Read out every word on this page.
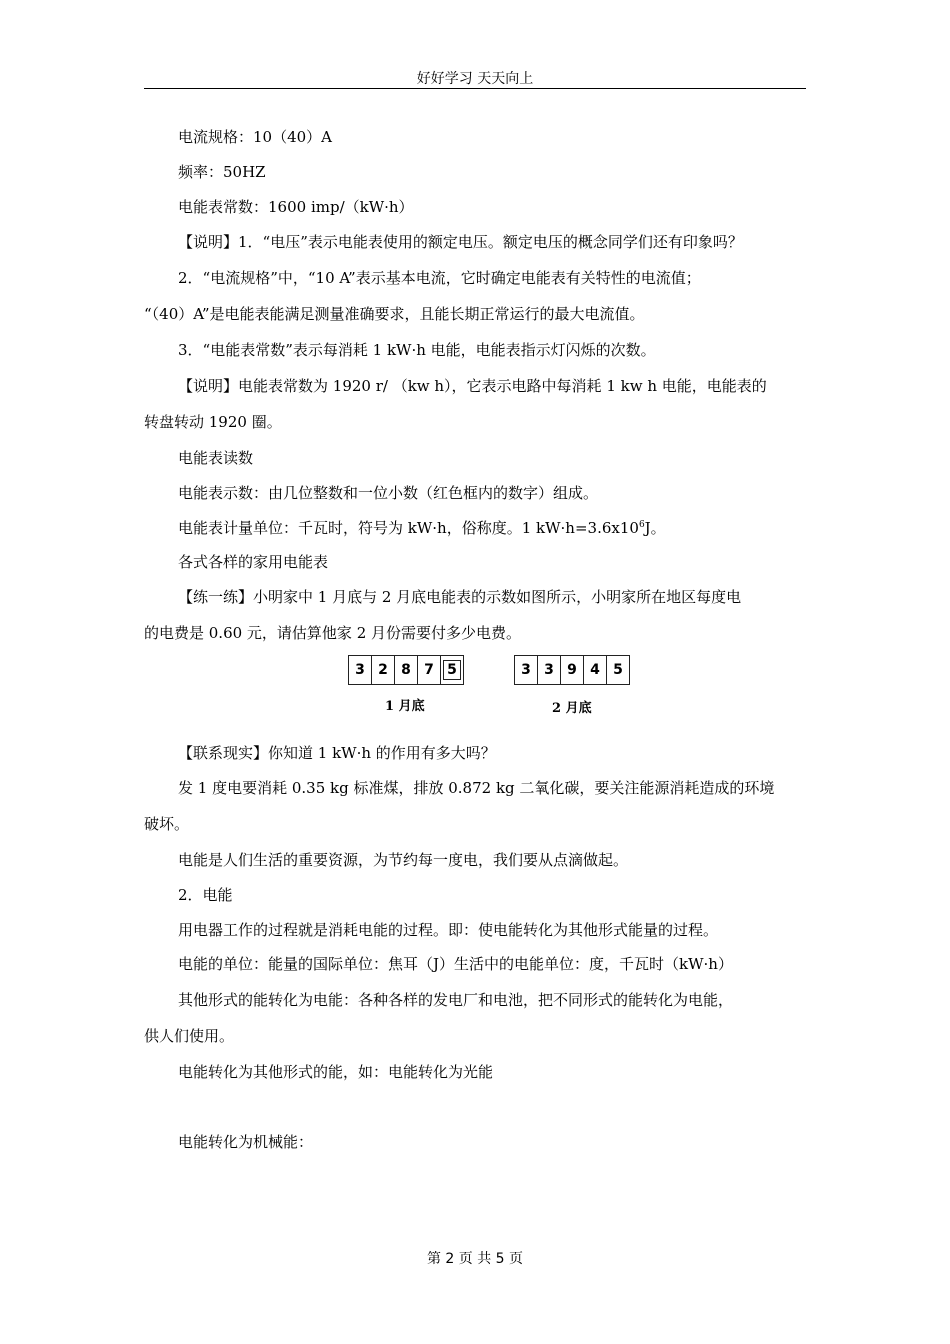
好好学习 天天向上
电流规格：10（40）A
频率：50HZ
电能表常数：1600 imp/（kW·h）
【说明】1．“电压”表示电能表使用的额定电压。额定电压的概念同学们还有印象吗？
2．“电流规格”中，“10 A”表示基本电流，它时确定电能表有关特性的电流值；
“（40）A”是电能表能满足测量准确要求，且能长期正常运行的最大电流值。
3．“电能表常数”表示每消耗 1 kW·h 电能，电能表指示灯闪烁的次数。
【说明】电能表常数为 1920 r/ （kw h），它表示电路中每消耗 1 kw h 电能，电能表的
转盘转动 1920 圈。
电能表读数
电能表示数：由几位整数和一位小数（红色框内的数字）组成。
电能表计量单位：千瓦时，符号为 kW·h，俗称度。1 $kW\cdot h=3.6x10^6J$。
各式各样的家用电能表
【练一练】小明家中 1 月底与 2 月底电能表的示数如图所示，小明家所在地区每度电
的电费是 0.60 元，请估算他家 2 月份需要付多少电费。
3 2 8 7 5
1 月底
3 3 9 4 5
2 月底
【联系现实】你知道 1 kW·h 的作用有多大吗？
发 1 度电要消耗 0.35 kg 标准煤，排放 0.872 kg 二氧化碳，要关注能源消耗造成的环境
破坏。
电能是人们生活的重要资源，为节约每一度电，我们要从点滴做起。
2．电能
用电器工作的过程就是消耗电能的过程。即：使电能转化为其他形式能量的过程。
电能的单位：能量的国际单位：焦耳（J）生活中的电能单位：度，千瓦时（kW·h）
其他形式的能转化为电能：各种各样的发电厂和电池，把不同形式的能转化为电能，
供人们使用。
电能转化为其他形式的能，如：电能转化为光能
电能转化为机械能：
第 2 页 共 5 页
